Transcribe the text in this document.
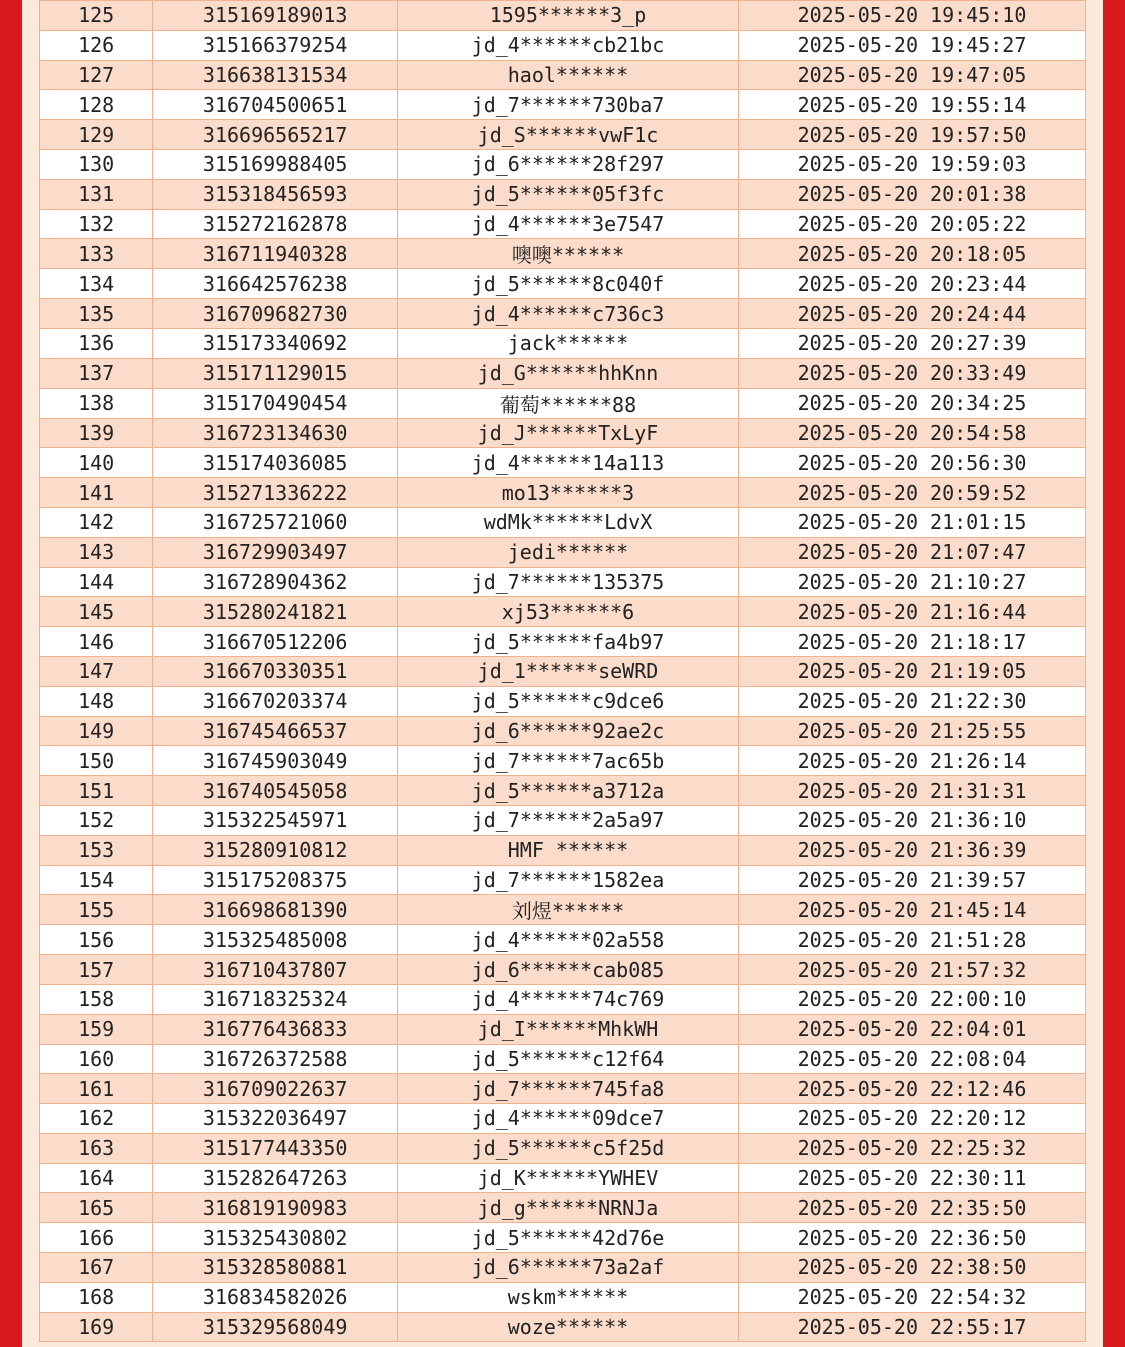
125	315169189013	1595******3_p	2025-05-20 19:45:10
126	315166379254	jd_4******cb21bc	2025-05-20 19:45:27
127	316638131534	haol******	2025-05-20 19:47:05
128	316704500651	jd_7******730ba7	2025-05-20 19:55:14
129	316696565217	jd_S******vwF1c	2025-05-20 19:57:50
130	315169988405	jd_6******28f297	2025-05-20 19:59:03
131	315318456593	jd_5******05f3fc	2025-05-20 20:01:38
132	315272162878	jd_4******3e7547	2025-05-20 20:05:22
133	316711940328	噢噢******	2025-05-20 20:18:05
134	316642576238	jd_5******8c040f	2025-05-20 20:23:44
135	316709682730	jd_4******c736c3	2025-05-20 20:24:44
136	315173340692	jack******	2025-05-20 20:27:39
137	315171129015	jd_G******hhKnn	2025-05-20 20:33:49
138	315170490454	葡萄******88	2025-05-20 20:34:25
139	316723134630	jd_J******TxLyF	2025-05-20 20:54:58
140	315174036085	jd_4******14a113	2025-05-20 20:56:30
141	315271336222	mo13******3	2025-05-20 20:59:52
142	316725721060	wdMk******LdvX	2025-05-20 21:01:15
143	316729903497	jedi******	2025-05-20 21:07:47
144	316728904362	jd_7******135375	2025-05-20 21:10:27
145	315280241821	xj53******6	2025-05-20 21:16:44
146	316670512206	jd_5******fa4b97	2025-05-20 21:18:17
147	316670330351	jd_1******seWRD	2025-05-20 21:19:05
148	316670203374	jd_5******c9dce6	2025-05-20 21:22:30
149	316745466537	jd_6******92ae2c	2025-05-20 21:25:55
150	316745903049	jd_7******7ac65b	2025-05-20 21:26:14
151	316740545058	jd_5******a3712a	2025-05-20 21:31:31
152	315322545971	jd_7******2a5a97	2025-05-20 21:36:10
153	315280910812	HMF ******	2025-05-20 21:36:39
154	315175208375	jd_7******1582ea	2025-05-20 21:39:57
155	316698681390	刘煜******	2025-05-20 21:45:14
156	315325485008	jd_4******02a558	2025-05-20 21:51:28
157	316710437807	jd_6******cab085	2025-05-20 21:57:32
158	316718325324	jd_4******74c769	2025-05-20 22:00:10
159	316776436833	jd_I******MhkWH	2025-05-20 22:04:01
160	316726372588	jd_5******c12f64	2025-05-20 22:08:04
161	316709022637	jd_7******745fa8	2025-05-20 22:12:46
162	315322036497	jd_4******09dce7	2025-05-20 22:20:12
163	315177443350	jd_5******c5f25d	2025-05-20 22:25:32
164	315282647263	jd_K******YWHEV	2025-05-20 22:30:11
165	316819190983	jd_g******NRNJa	2025-05-20 22:35:50
166	315325430802	jd_5******42d76e	2025-05-20 22:36:50
167	315328580881	jd_6******73a2af	2025-05-20 22:38:50
168	316834582026	wskm******	2025-05-20 22:54:32
169	315329568049	woze******	2025-05-20 22:55:17
